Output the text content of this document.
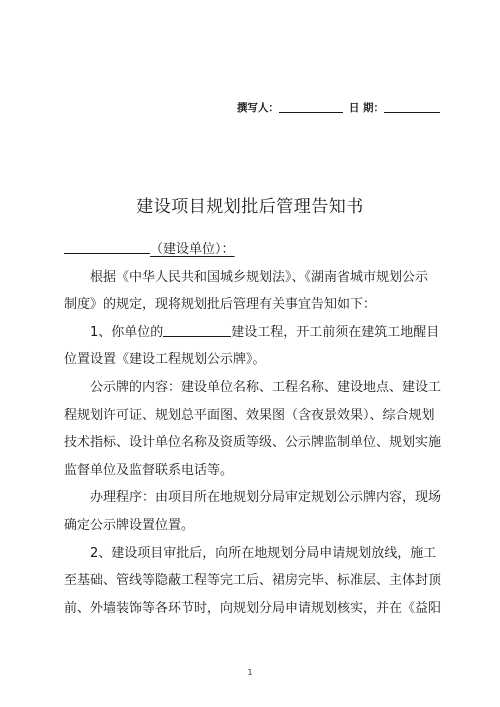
撰写人：	日 期：
建设项目规划批后管理告知书

（建设单位）：

根据《中华人民共和国城乡规划法》、《湖南省城市规划公示

制度》的规定，现将规划批后管理有关事宜告知如下：

1、你单位的	建设工程，开工前须在建筑工地醒目

位置设置《建设工程规划公示牌》。

公示牌的内容：建设单位名称、工程名称、建设地点、建设工

程规划许可证、规划总平面图、效果图（含夜景效果）、综合规划

技术指标、设计单位名称及资质等级、公示牌监制单位、规划实施

监督单位及监督联系电话等。

办理程序：由项目所在地规划分局审定规划公示牌内容，现场

确定公示牌设置位置。

2、建设项目审批后，向所在地规划分局申请规划放线，施工

至基础、管线等隐蔽工程等完工后、裙房完毕、标准层、主体封顶

前、外墙装饰等各环节时，向规划分局申请规划核实，并在《益阳

1
